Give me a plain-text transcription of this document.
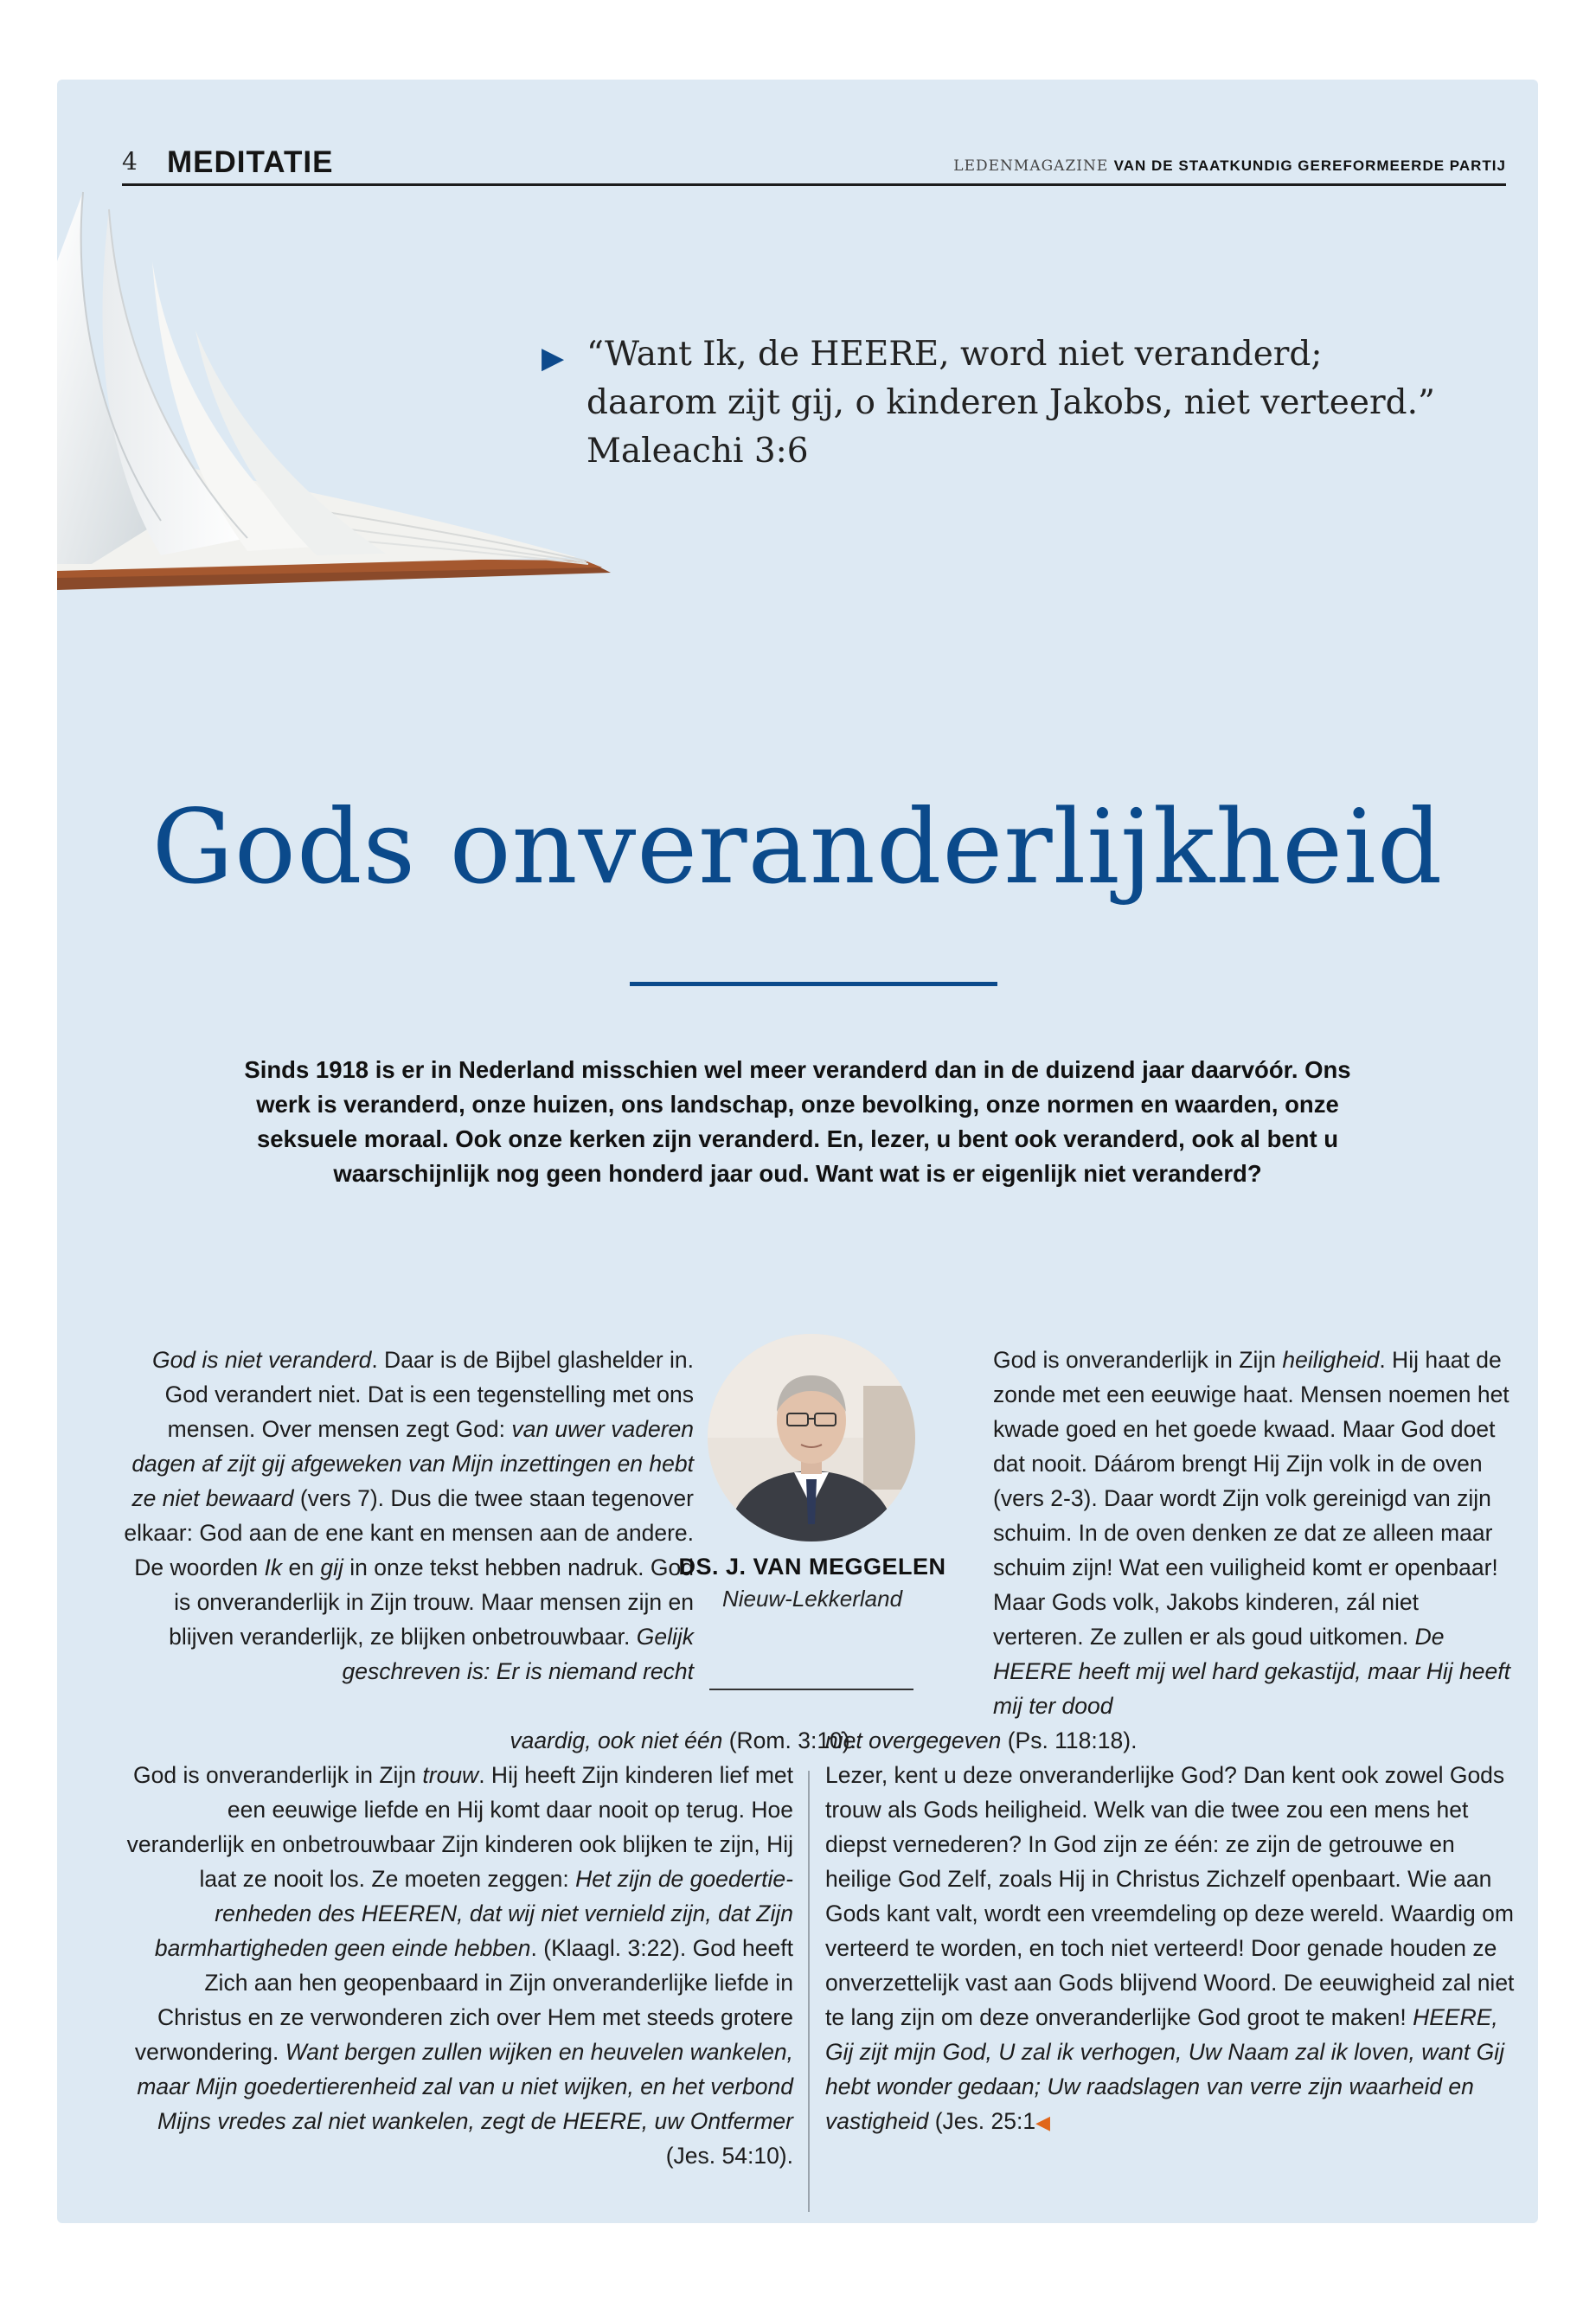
4 MEDITATIE	LEDENMAGAZINE VAN DE STAATKUNDIG GEREFORMEERDE PARTIJ
▶ “Want Ik, de HEERE, word niet veranderd;
daarom zijt gij, o kinderen Jakobs, niet verteerd.”
Maleachi 3:6
Gods onveranderlijkheid
Sinds 1918 is er in Nederland misschien wel meer veranderd dan in de duizend jaar daarvóór. Ons werk is veranderd, onze huizen, ons landschap, onze bevolking, onze normen en waarden, onze seksuele moraal. Ook onze kerken zijn veranderd. En, lezer, u bent ook veranderd, ook al bent u waarschijnlijk nog geen honderd jaar oud. Want wat is er eigenlijk niet veranderd?

God is niet veranderd. Daar is de Bijbel glashelder in. God verandert niet. Dat is een tegenstelling met ons mensen. Over mensen zegt God: van uwer vaderen dagen af zijt gij afgeweken van Mijn inzettingen en hebt ze niet bewaard (vers 7). Dus die twee staan tegenover elkaar: God aan de ene kant en mensen aan de andere. De woorden Ik en gij in onze tekst hebben nadruk. God is onveranderlijk in Zijn trouw. Maar mensen zijn en blijven veranderlijk, ze blijken onbetrouwbaar. Gelijk geschreven is: Er is niemand recht

DS. J. VAN MEGGELEN
Nieuw-Lekkerland

God is onveranderlijk in Zijn heiligheid. Hij haat de zonde met een eeuwige haat. Mensen noemen het kwade goed en het goede kwaad. Maar God doet dat nooit. Dáárom brengt Hij Zijn volk in de oven (vers 2-3). Daar wordt Zijn volk gereinigd van zijn schuim. In de oven denken ze dat ze alleen maar schuim zijn! Wat een vuiligheid komt er openbaar! Maar Gods volk, Jakobs kinderen, zál niet verteren. Ze zullen er als goud uitkomen. De HEERE heeft mij wel hard gekastijd, maar Hij heeft mij ter dood

vaardig, ook niet één (Rom. 3:10).

God is onveranderlijk in Zijn trouw. Hij heeft Zijn kinderen lief met een eeuwige liefde en Hij komt daar nooit op terug. Hoe veranderlijk en onbetrouwbaar Zijn kinderen ook blijken te zijn, Hij laat ze nooit los. Ze moeten zeggen: Het zijn de goedertierenheden des HEEREN, dat wij niet vernield zijn, dat Zijn barmhartigheden geen einde hebben. (Klaagl. 3:22). God heeft Zich aan hen geopenbaard in Zijn onveranderlijke liefde in Christus en ze verwonderen zich over Hem met steeds grotere verwondering. Want bergen zullen wijken en heuvelen wankelen, maar Mijn goedertierenheid zal van u niet wijken, en het verbond Mijns vredes zal niet wankelen, zegt de HEERE, uw Ontfermer (Jes. 54:10).

niet overgegeven (Ps. 118:18).

Lezer, kent u deze onveranderlijke God? Dan kent ook zowel Gods trouw als Gods heiligheid. Welk van die twee zou een mens het diepst vernederen? In God zijn ze één: ze zijn de getrouwe en heilige God Zelf, zoals Hij in Christus Zichzelf openbaart. Wie aan Gods kant valt, wordt een vreemdeling op deze wereld. Waardig om verteerd te worden, en toch niet verteerd! Door genade houden ze onverzettelijk vast aan Gods blijvend Woord. De eeuwigheid zal niet te lang zijn om deze onveranderlijke God groot te maken! HEERE, Gij zijt mijn God, U zal ik verhogen, Uw Naam zal ik loven, want Gij hebt wonder gedaan; Uw raadslagen van verre zijn waarheid en vastigheid (Jes. 25:1◀
